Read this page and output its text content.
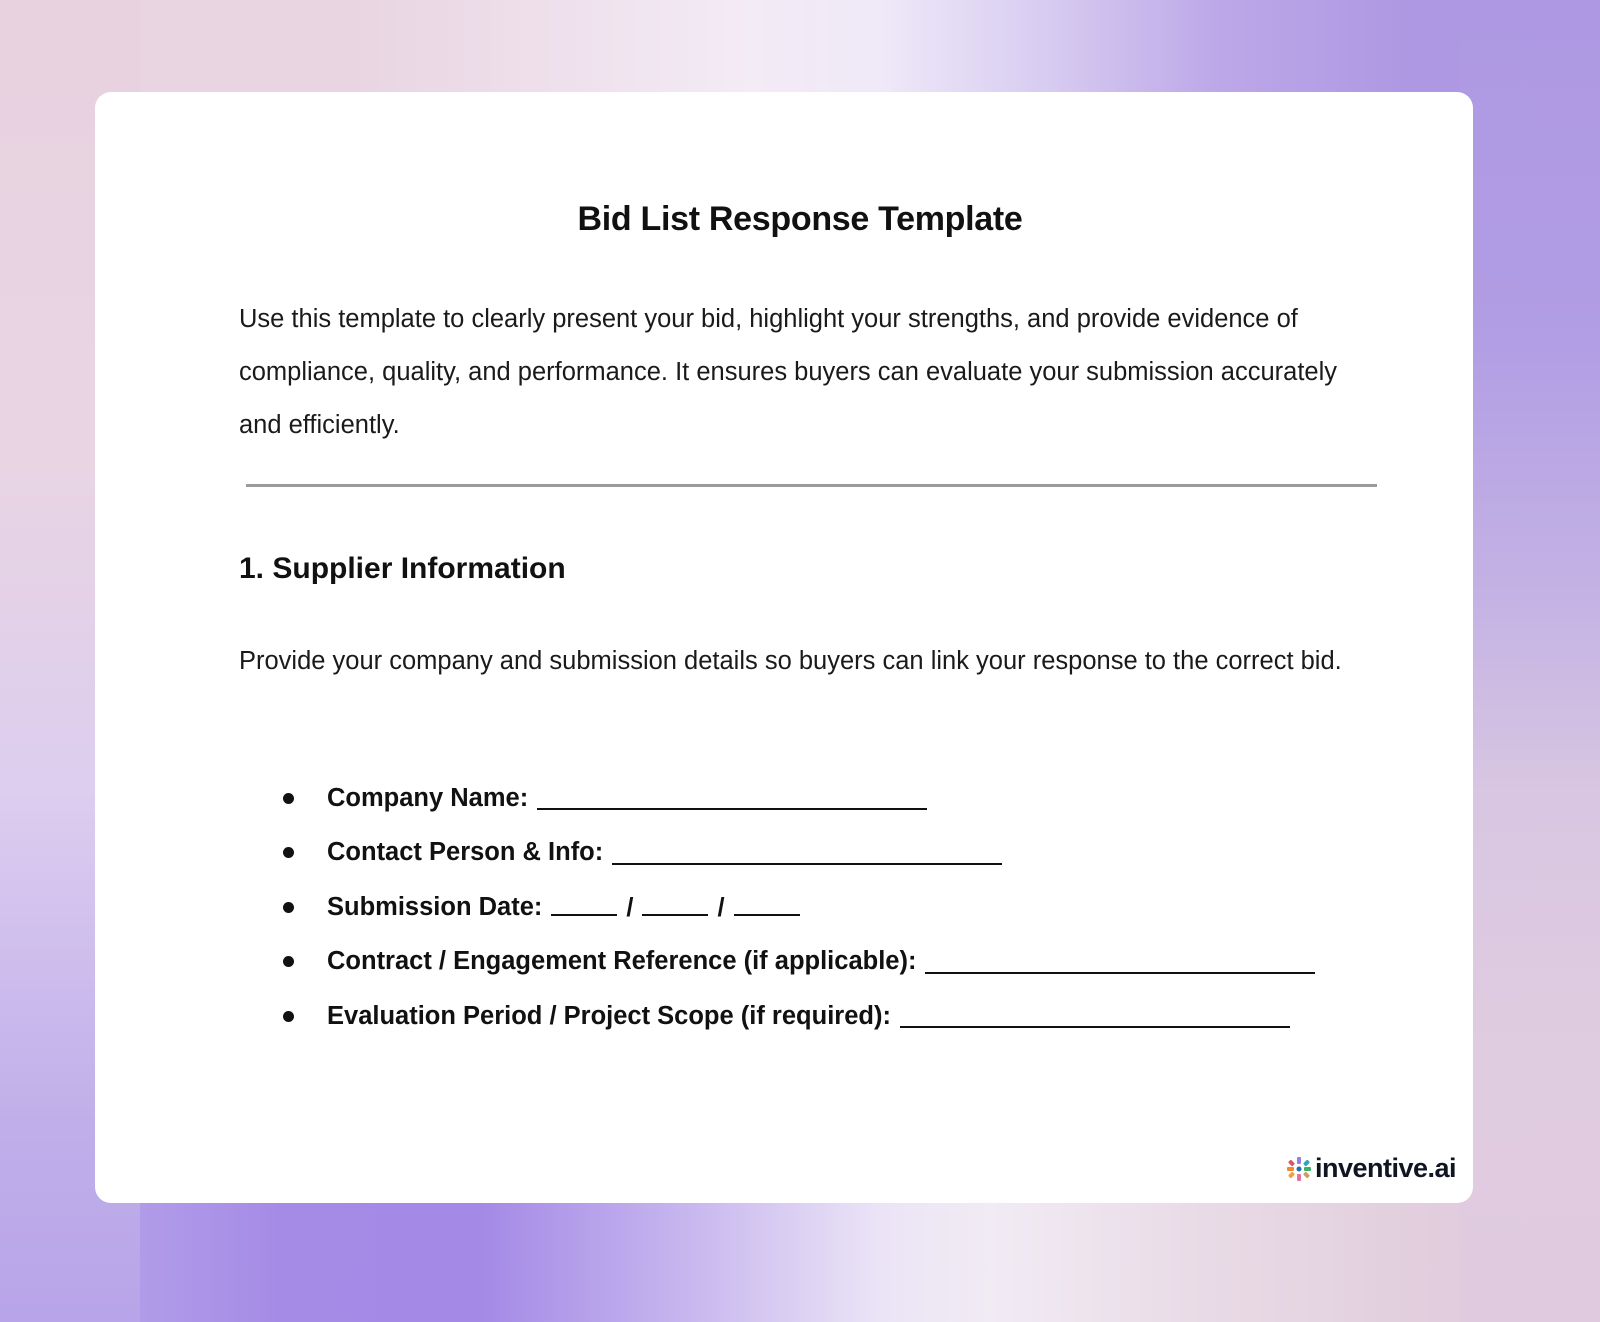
Bid List Response Template
Use this template to clearly present your bid, highlight your strengths, and provide evidence of compliance, quality, and performance. It ensures buyers can evaluate your submission accurately and efficiently.
1. Supplier Information
Provide your company and submission details so buyers can link your response to the correct bid.
Company Name:
Contact Person & Info:
Submission Date:	/	/
Contract / Engagement Reference (if applicable):
Evaluation Period / Project Scope (if required):
inventive.ai
